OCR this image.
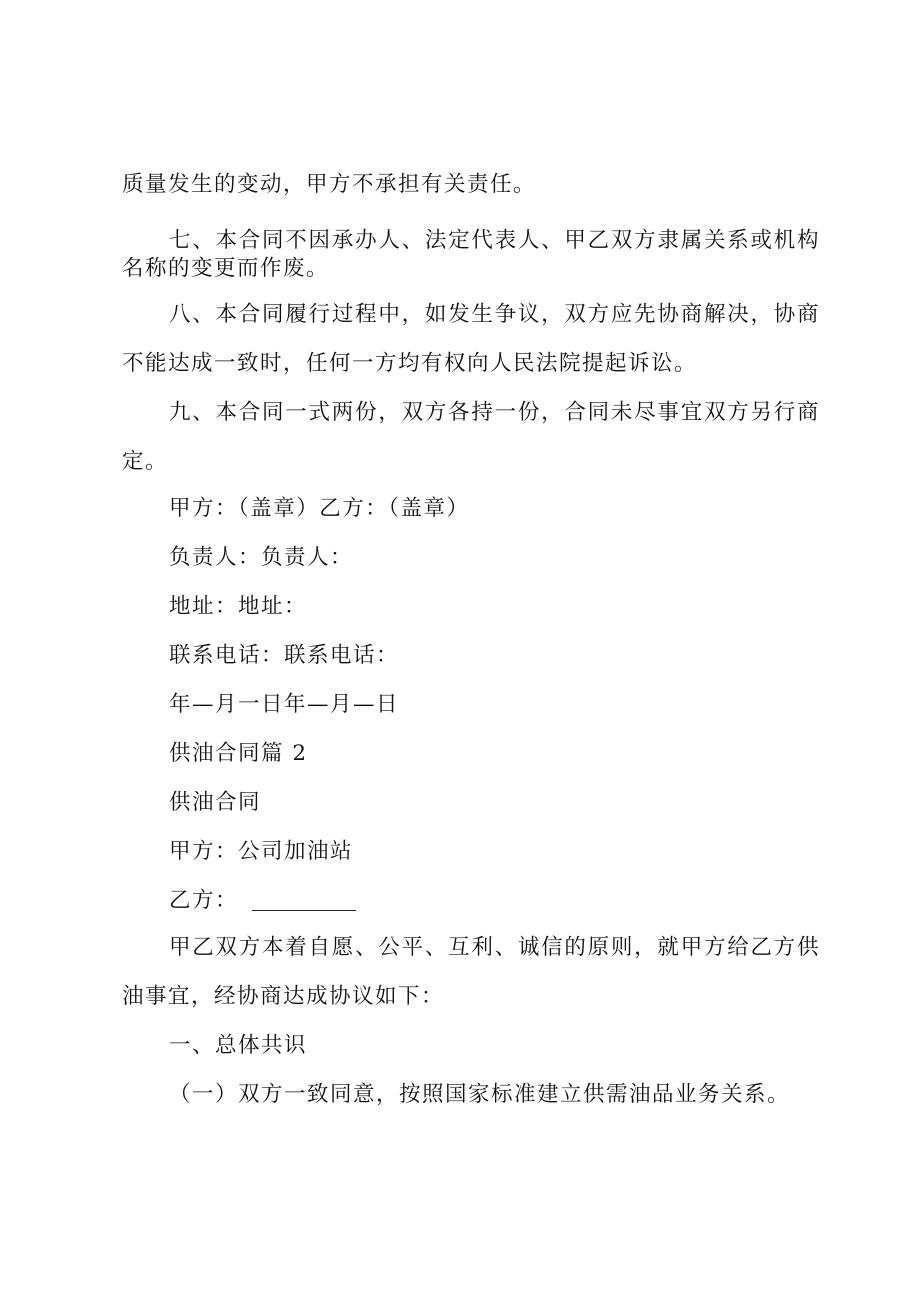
质量发生的变动，甲方不承担有关责任。
七、本合同不因承办人、法定代表人、甲乙双方隶属关系或机构
名称的变更而作废。
八、本合同履行过程中，如发生争议，双方应先协商解决，协商
不能达成一致时，任何一方均有权向人民法院提起诉讼。
九、本合同一式两份，双方各持一份，合同未尽事宜双方另行商
定。
甲方：（盖章）乙方：（盖章）
负责人：负责人：
地址：地址：
联系电话：联系电话：
年—月一日年—月—日
供油合同篇 2
供油合同
甲方：公司加油站
乙方：
甲乙双方本着自愿、公平、互利、诚信的原则，就甲方给乙方供
油事宜，经协商达成协议如下：
一、总体共识
（一）双方一致同意，按照国家标准建立供需油品业务关系。
